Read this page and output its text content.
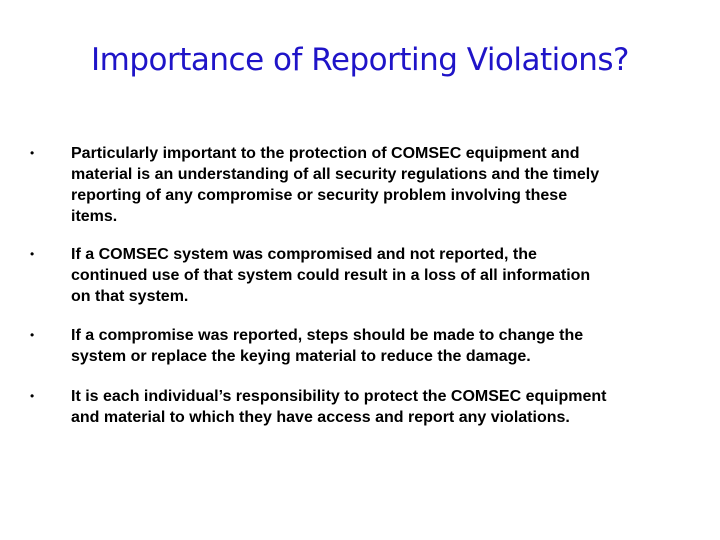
Importance of Reporting Violations?
• Particularly important to the protection of COMSEC equipment and
material is an understanding of all security regulations and the timely
reporting of any compromise or security problem involving these
items.
• If a COMSEC system was compromised and not reported, the
continued use of that system could result in a loss of all information
on that system.
• If a compromise was reported, steps should be made to change the
system or replace the keying material to reduce the damage.
• It is each individual’s responsibility to protect the COMSEC equipment
and material to which they have access and report any violations.
